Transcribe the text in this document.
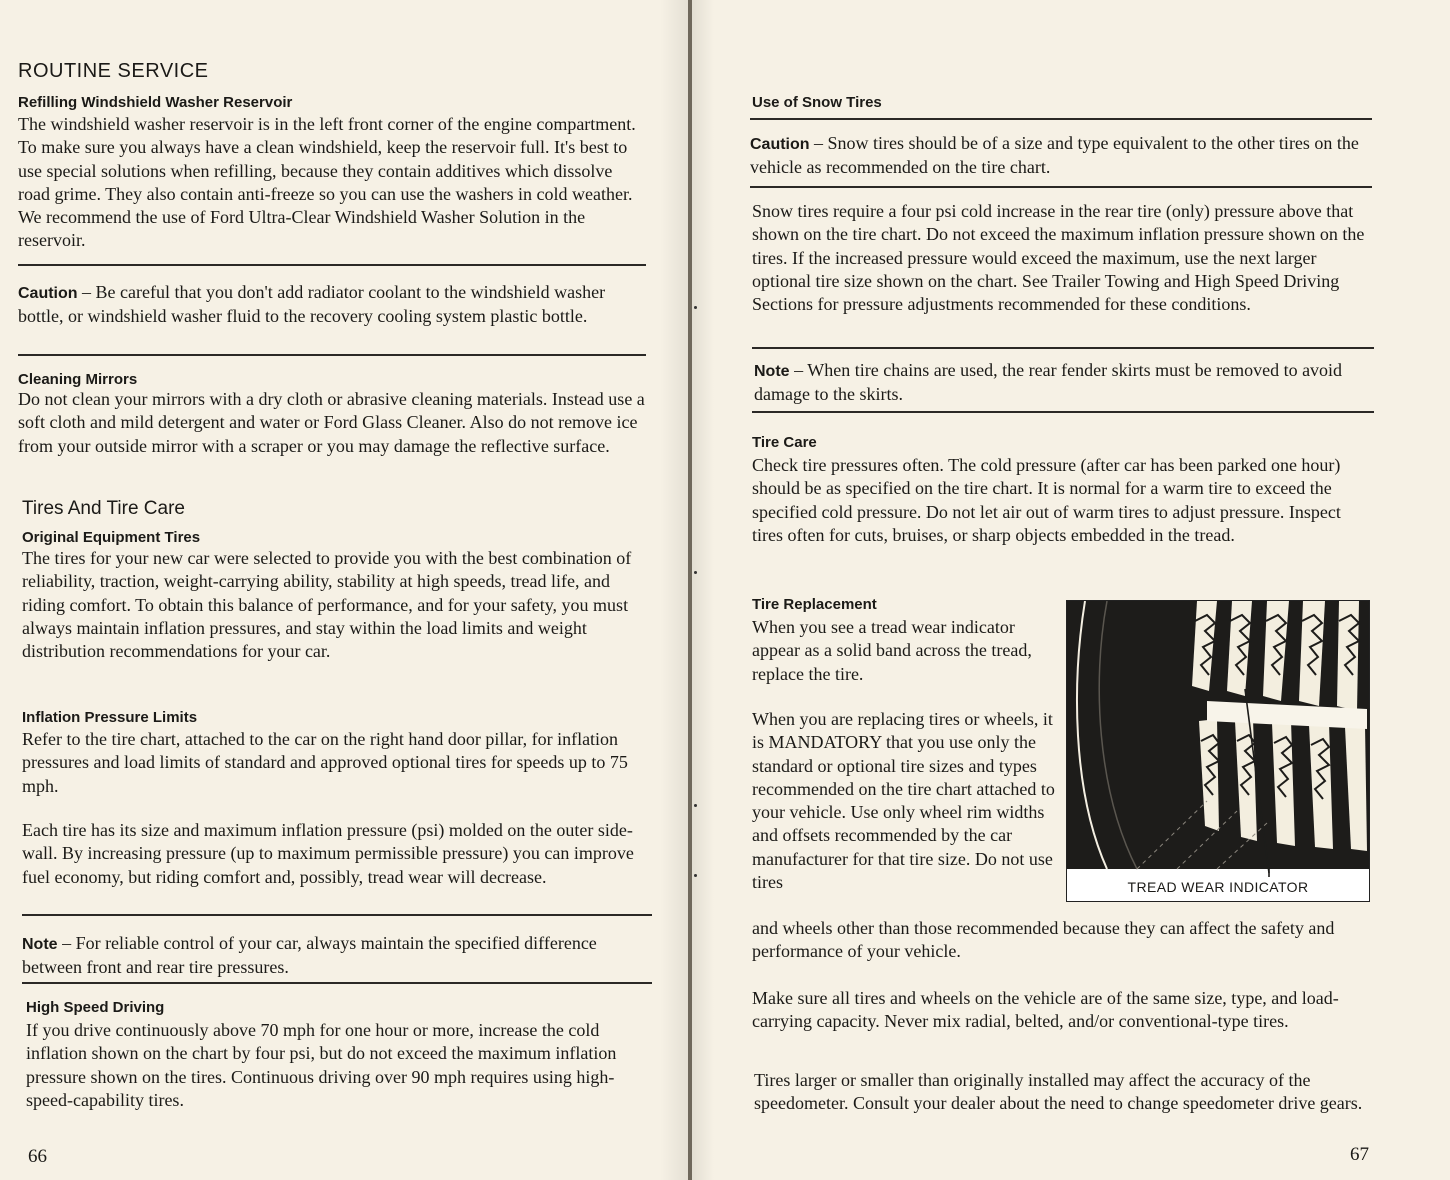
ROUTINE SERVICE
Refilling Windshield Washer Reservoir

The windshield washer reservoir is in the left front corner of the engine compartment. To make sure you always have a clean windshield, keep the reservoir full. It's best to use special solutions when refilling, because they contain additives which dissolve road grime. They also contain anti-freeze so you can use the washers in cold weather. We recommend the use of Ford Ultra-Clear Windshield Washer Solution in the reservoir.

Caution – Be careful that you don't add radiator coolant to the windshield washer bottle, or windshield washer fluid to the recovery cooling system plastic bottle.
Cleaning Mirrors

Do not clean your mirrors with a dry cloth or abrasive cleaning materials. Instead use a soft cloth and mild detergent and water or Ford Glass Cleaner. Also do not remove ice from your outside mirror with a scraper or you may damage the reflective surface.

Tires And Tire Care
Original Equipment Tires

The tires for your new car were selected to provide you with the best combination of reliability, traction, weight-carrying ability, stability at high speeds, tread life, and riding comfort. To obtain this balance of performance, and for your safety, you must always maintain inflation pressures, and stay within the load limits and weight distribution recommendations for your car.

Inflation Pressure Limits

Refer to the tire chart, attached to the car on the right hand door pillar, for inflation pressures and load limits of standard and approved optional tires for speeds up to 75 mph.

Each tire has its size and maximum inflation pressure (psi) molded on the outer side-wall. By increasing pressure (up to maximum permissible pressure) you can improve fuel economy, but riding comfort and, possibly, tread wear will decrease.

Note – For reliable control of your car, always maintain the specified difference between front and rear tire pressures.
High Speed Driving

If you drive continuously above 70 mph for one hour or more, increase the cold inflation shown on the chart by four psi, but do not exceed the maximum inflation pressure shown on the tires. Continuous driving over 90 mph requires using high-speed-capability tires.

66
Use of Snow Tires
Caution – Snow tires should be of a size and type equivalent to the other tires on the vehicle as recommended on the tire chart.

Snow tires require a four psi cold increase in the rear tire (only) pressure above that shown on the tire chart. Do not exceed the maximum inflation pressure shown on the tires. If the increased pressure would exceed the maximum, use the next larger optional tire size shown on the chart. See Trailer Towing and High Speed Driving Sections for pressure adjustments recommended for these conditions.

Note – When tire chains are used, the rear fender skirts must be removed to avoid damage to the skirts.
Tire Care

Check tire pressures often. The cold pressure (after car has been parked one hour) should be as specified on the tire chart. It is normal for a warm tire to exceed the specified cold pressure. Do not let air out of warm tires to adjust pressure. Inspect tires often for cuts, bruises, or sharp objects embedded in the tread.

Tire Replacement

When you see a tread wear indicator appear as a solid band across the tread, replace the tire.

When you are replacing tires or wheels, it is MANDATORY that you use only the standard or optional tire sizes and types recommended on the tire chart attached to your vehicle. Use only wheel rim widths and offsets recommended by the car manufacturer for that tire size. Do not use tires

and wheels other than those recommended because they can affect the safety and performance of your vehicle.

Make sure all tires and wheels on the vehicle are of the same size, type, and load-carrying capacity. Never mix radial, belted, and/or conventional-type tires.

Tires larger or smaller than originally installed may affect the accuracy of the speedometer. Consult your dealer about the need to change speedometer drive gears.

TREAD WEAR INDICATOR
67
